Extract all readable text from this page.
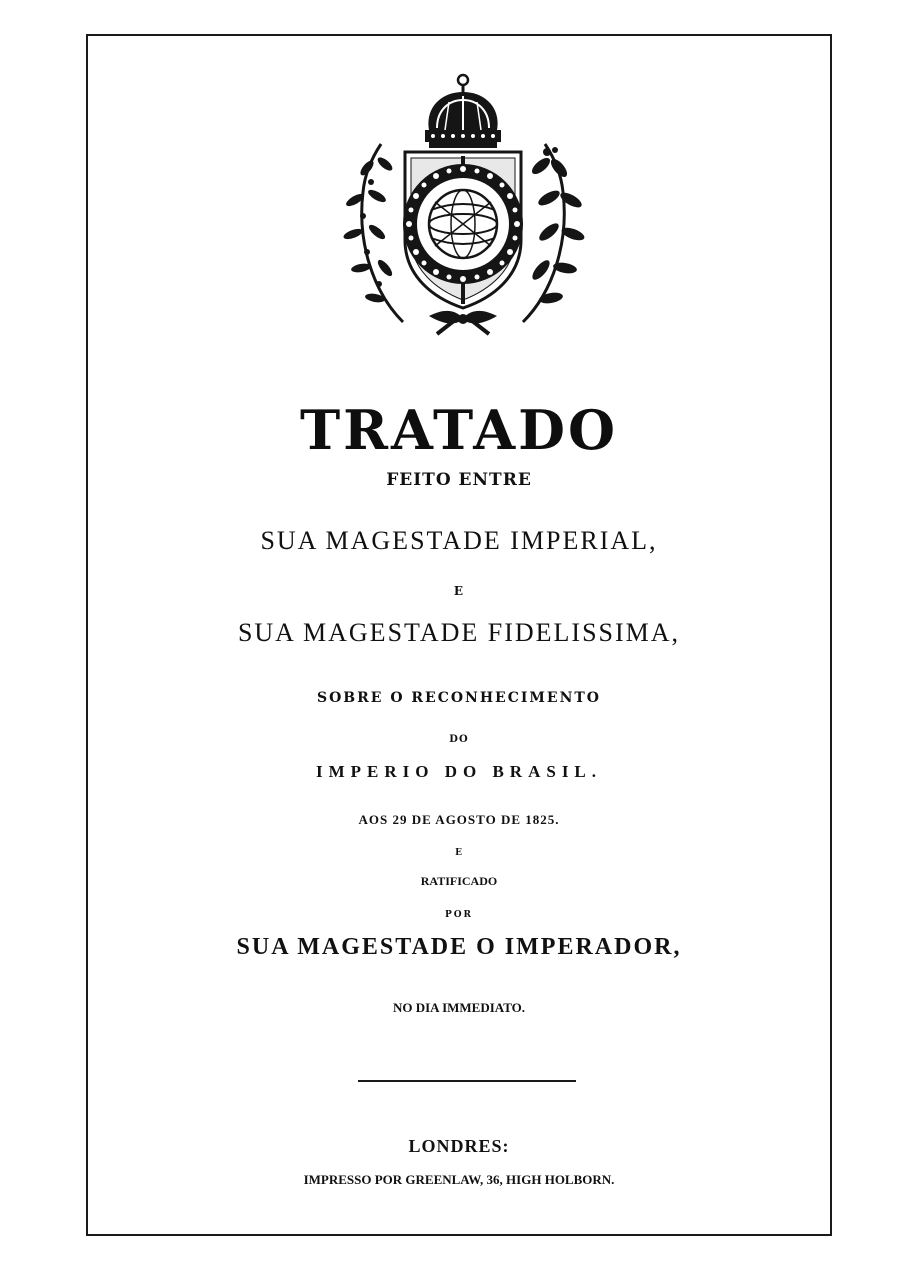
TRATADO
FEITO ENTRE
SUA MAGESTADE IMPERIAL,
E
SUA MAGESTADE FIDELISSIMA,
SOBRE O RECONHECIMENTO
DO
IMPERIO DO BRASIL.
AOS 29 DE AGOSTO DE 1825.
E
RATIFICADO
POR
SUA MAGESTADE O IMPERADOR,
NO DIA IMMEDIATO.
LONDRES:
IMPRESSO POR GREENLAW, 36, HIGH HOLBORN.
